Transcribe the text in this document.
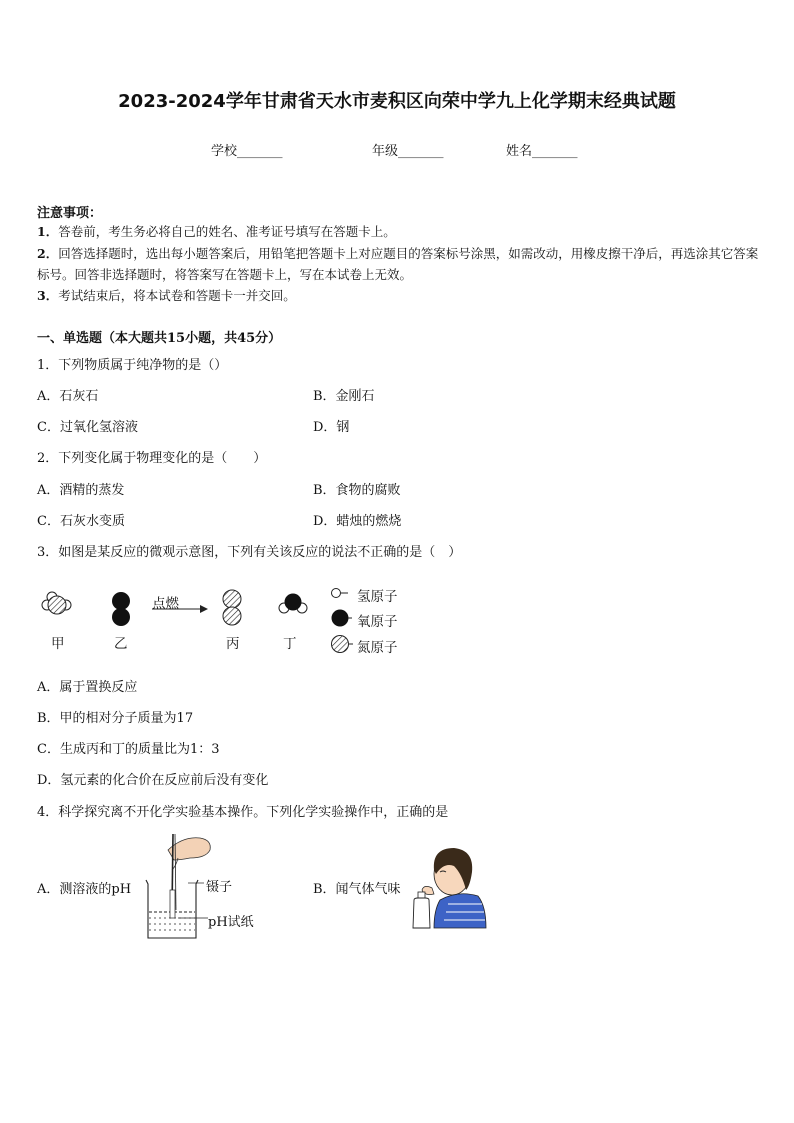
2023-2024学年甘肃省天水市麦积区向荣中学九上化学期末经典试题
学校_______	年级_______	姓名_______
注意事项：
1．答卷前，考生务必将自己的姓名、准考证号填写在答题卡上。
2．回答选择题时，选出每小题答案后，用铅笔把答题卡上对应题目的答案标号涂黑，如需改动，用橡皮擦干净后，再选涂其它答案标号。回答非选择题时，将答案写在答题卡上，写在本试卷上无效。
3．考试结束后，将本试卷和答题卡一并交回。
一、单选题（本大题共15小题，共45分）
1．下列物质属于纯净物的是（）
A．石灰石	B．金刚石
C．过氧化氢溶液	D．钢
2．下列变化属于物理变化的是（　　）
A．酒精的蒸发	B．食物的腐败
C．石灰水变质	D．蜡烛的燃烧
3．如图是某反应的微观示意图，下列有关该反应的说法不正确的是（　）
点燃
甲	乙	丙	丁
氢原子
氧原子
氮原子
A．属于置换反应
B．甲的相对分子质量为17
C．生成丙和丁的质量比为1：3
D．氢元素的化合价在反应前后没有变化
4．科学探究离不开化学实验基本操作。下列化学实验操作中，正确的是
A．测溶液的pH	B．闻气体气味
镊子
pH试纸
